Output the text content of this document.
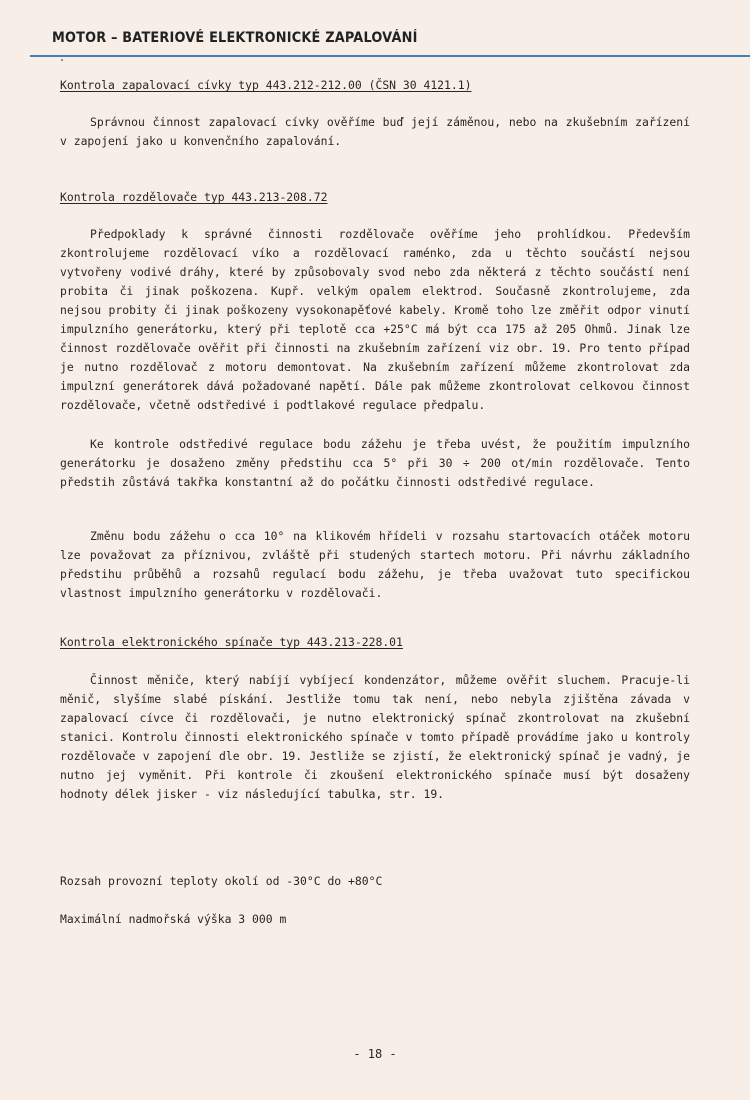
MOTOR – BATERIOVÉ ELEKTRONICKÉ ZAPALOVÁNÍ
Kontrola zapalovací cívky typ 443.212-212.00 (ČSN 30 4121.1)

Správnou činnost zapalovací cívky ověříme buď její záměnou, nebo na zkušebním zařízení v zapojení jako u konvenčního zapalování.

Kontrola rozdělovače typ 443.213-208.72

Předpoklady k správné činnosti rozdělovače ověříme jeho prohlídkou. Především zkontrolujeme rozdělovací víko a rozdělovací raménko, zda u těchto součástí nejsou vytvořeny vodivé dráhy, které by způsobovaly svod nebo zda některá z těchto součástí není probita či jinak poškozena. Kupř. velkým opalem elektrod. Současně zkontrolujeme, zda nejsou probity či jinak poškozeny vysokonapěťové kabely. Kromě toho lze změřit odpor vinutí impulzního generátorku, který při teplotě cca +25°C má být cca 175 až 205 Ohmů. Jinak lze činnost rozdělovače ověřit při činnosti na zkušebním zařízení viz obr. 19. Pro tento případ je nutno rozdělovač z motoru demontovat. Na zkušebním zařízení můžeme zkontrolovat zda impulzní generátorek dává požadované napětí. Dále pak můžeme zkontrolovat celkovou činnost rozdělovače, včetně odstředivé i podtlakové regulace předpalu.

Ke kontrole odstředivé regulace bodu zážehu je třeba uvést, že použitím impulzního generátorku je dosaženo změny předstihu cca 5° při 30 ÷ 200 ot/min rozdělovače. Tento předstih zůstává takřka konstantní až do počátku činnosti odstředivé regulace.

Změnu bodu zážehu o cca 10° na klikovém hřídeli v rozsahu startovacích otáček motoru lze považovat za příznivou, zvláště při studených startech motoru. Při návrhu základního předstihu průběhů a rozsahů regulací bodu zážehu, je třeba uvažovat tuto specifickou vlastnost impulzního generátorku v rozdělovači.

Kontrola elektronického spínače typ 443.213-228.01

Činnost měniče, který nabíjí vybíjecí kondenzátor, můžeme ověřit sluchem. Pracuje-li měnič, slyšíme slabé pískání. Jestliže tomu tak není, nebo nebyla zjištěna závada v zapalovací cívce či rozdělovači, je nutno elektronický spínač zkontrolovat na zkušební stanici. Kontrolu činnosti elektronického spínače v tomto případě provádíme jako u kontroly rozdělovače v zapojení dle obr. 19. Jestliže se zjistí, že elektronický spínač je vadný, je nutno jej vyměnit. Při kontrole či zkoušení elektronického spínače musí být dosaženy hodnoty délek jisker - viz následující tabulka, str. 19.

Rozsah provozní teploty okolí od -30°C do +80°C
Maximální nadmořská výška 3 000 m
- 18 -
